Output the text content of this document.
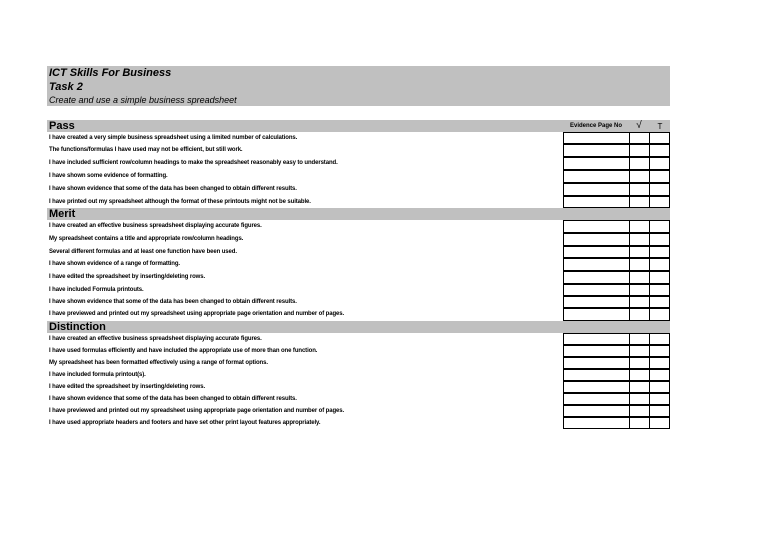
ICT Skills For Business
Task 2
Create and use a simple business spreadsheet
Pass	Evidence Page No	√	T
I have created a very simple business spreadsheet using a limited number of calculations.
The functions/formulas I have used may not be efficient, but still work.
I have included sufficient row/column headings to make the spreadsheet reasonably easy to understand.
I have shown some evidence of formatting.
I have shown evidence that some of the data has been changed to obtain different results.
I have printed out my spreadsheet although the format of these printouts might not be suitable.
Merit
I have created an effective business spreadsheet displaying accurate figures.
My spreadsheet contains a title and appropriate row/column headings.
Several different formulas and at least one function have been used.
I have shown evidence of a range of formatting.
I have edited the spreadsheet by inserting/deleting rows.
I have included Formula printouts.
I have shown evidence that some of the data has been changed to obtain different results.
I have previewed and printed out my spreadsheet using appropriate page orientation and number of pages.
Distinction
I have created an effective business spreadsheet displaying accurate figures.
I have used formulas efficiently and have included the appropriate use of more than one function.
My spreadsheet has been formatted effectively using a range of format options.
I have included formula printout(s).
I have edited the spreadsheet by inserting/deleting rows.
I have shown evidence that some of the data has been changed to obtain different results.
I have previewed and printed out my spreadsheet using appropriate page orientation and number of pages.
I have used appropriate headers and footers and have set other print layout features appropriately.
